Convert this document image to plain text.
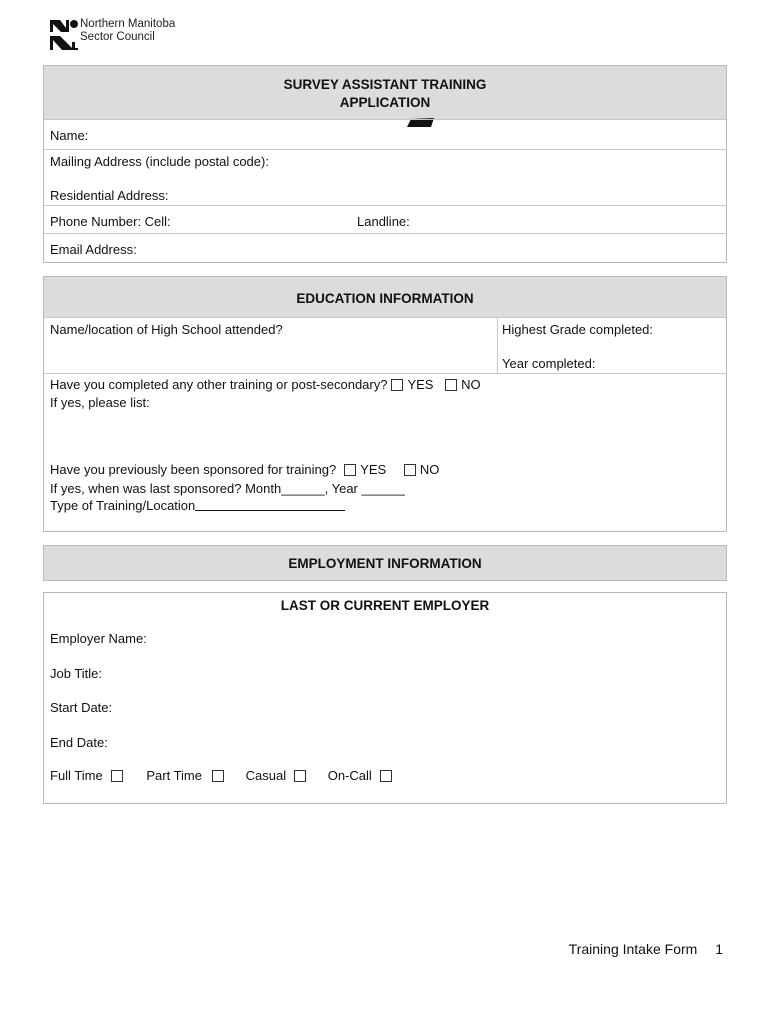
Northern Manitoba
Sector Council
SURVEY ASSISTANT TRAINING
APPLICATION
Name:
Mailing Address (include postal code):
Residential Address:
Phone Number: Cell:	Landline:
Email Address:
EDUCATION INFORMATION
Name/location of High School attended?	Highest Grade completed:
Year completed:
Have you completed any other training or post-secondary? YES NO
If yes, please list:
Have you previously been sponsored for training? YES	NO
If yes, when was last sponsored? Month______, Year ______
Type of Training/Location
EMPLOYMENT INFORMATION
LAST OR CURRENT EMPLOYER
Employer Name:
Job Title:
Start Date:
End Date:
Full Time	Part Time	Casual	On-Call
Training Intake Form 1
